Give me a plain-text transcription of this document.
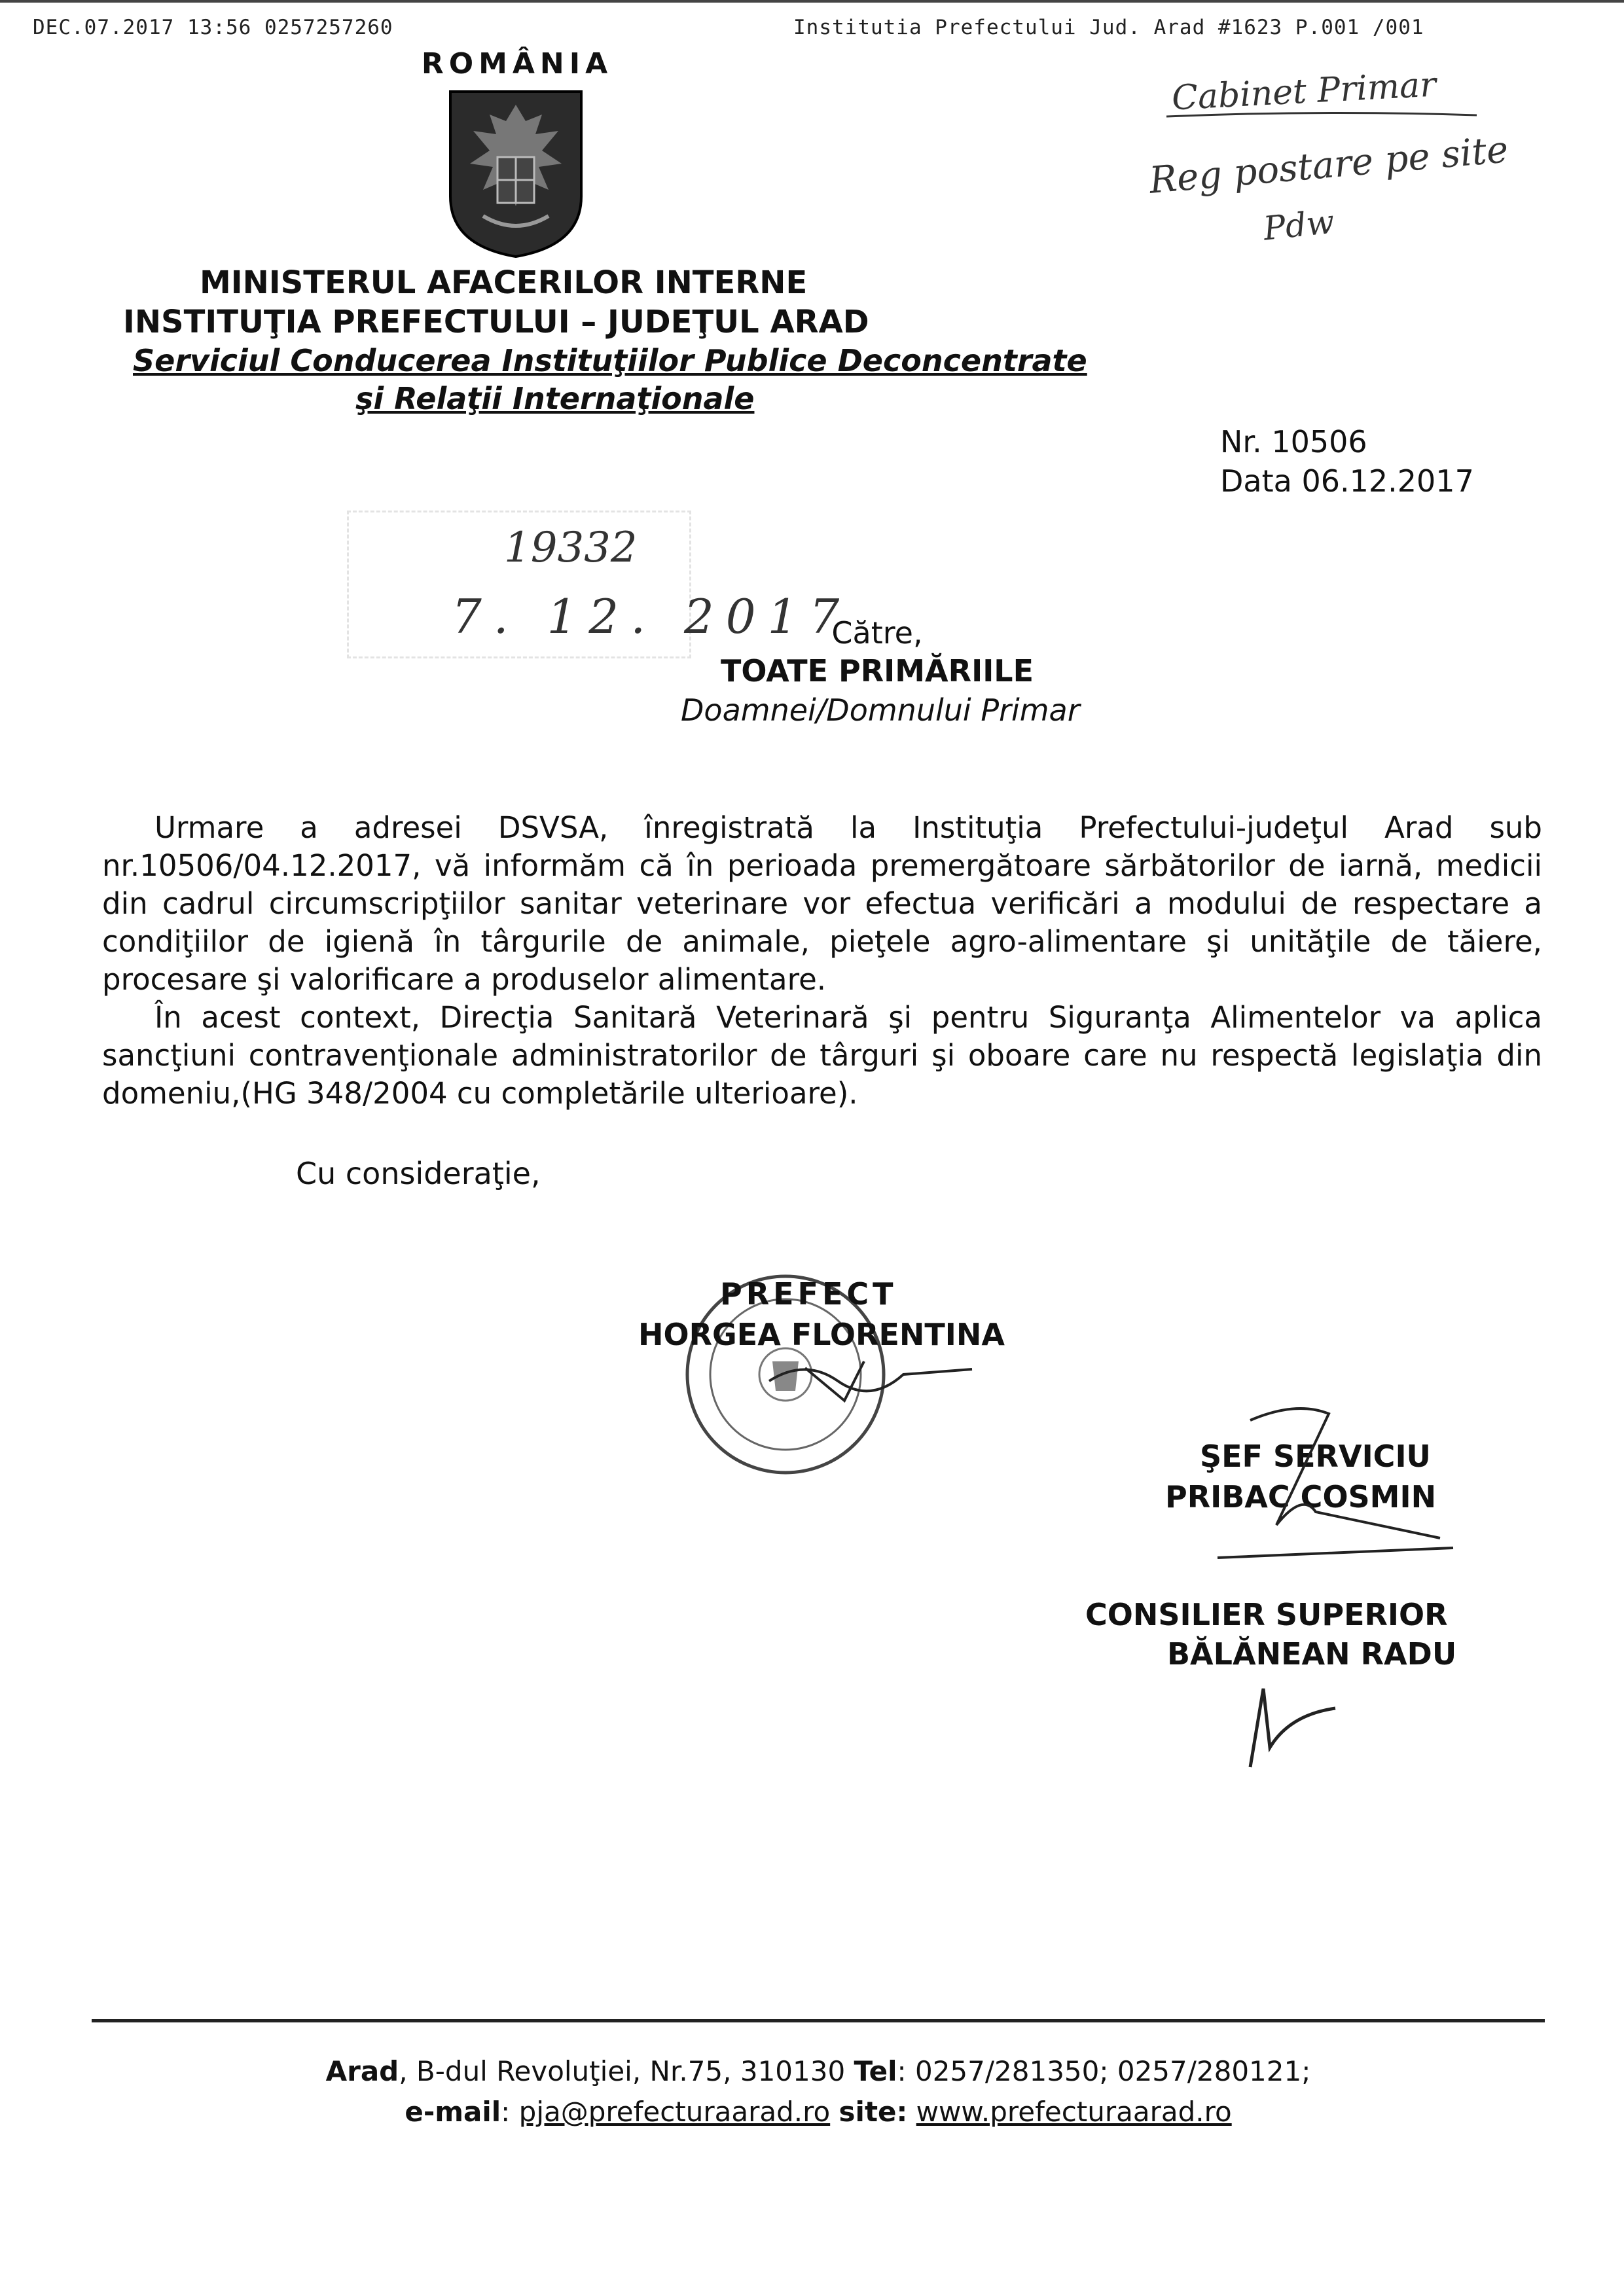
DEC.07.2017 13:56 0257257260	Institutia Prefectului Jud. Arad #1623 P.001 /001
ROMÂNIA
MINISTERUL AFACERILOR INTERNE
INSTITUŢIA PREFECTULUI – JUDEŢUL ARAD
Serviciul Conducerea Instituţiilor Publice Deconcentrate
şi Relaţii Internaţionale
Cabinet Primar
Reg postare pe site
Pdw
Nr. 10506
Data 06.12.2017
19332
7. 12. 2017
Către,
TOATE PRIMĂRIILE
Doamnei/Domnului Primar

Urmare a adresei DSVSA, înregistrată la Instituţia Prefectului-judeţul Arad sub nr.10506/04.12.2017, vă informăm că în perioada premergătoare sărbătorilor de iarnă, medicii din cadrul circumscripţiilor sanitar veterinare vor efectua verificări a modului de respectare a condiţiilor de igienă în târgurile de animale, pieţele agro-alimentare şi unităţile de tăiere, procesare şi valorificare a produselor alimentare.

În acest context, Direcţia Sanitară Veterinară şi pentru Siguranţa Alimentelor va aplica sancţiuni contravenţionale administratorilor de târguri şi oboare care nu respectă legislaţia din domeniu,(HG 348/2004 cu completările ulterioare).

Cu consideraţie,
PREFECT
HORGEA FLORENTINA
ŞEF SERVICIU
PRIBAC COSMIN
CONSILIER SUPERIOR
BĂLĂNEAN RADU
Arad, B-dul Revoluţiei, Nr.75, 310130 Tel: 0257/281350; 0257/280121;
e-mail: pja@prefecturaarad.ro site: www.prefecturaarad.ro
